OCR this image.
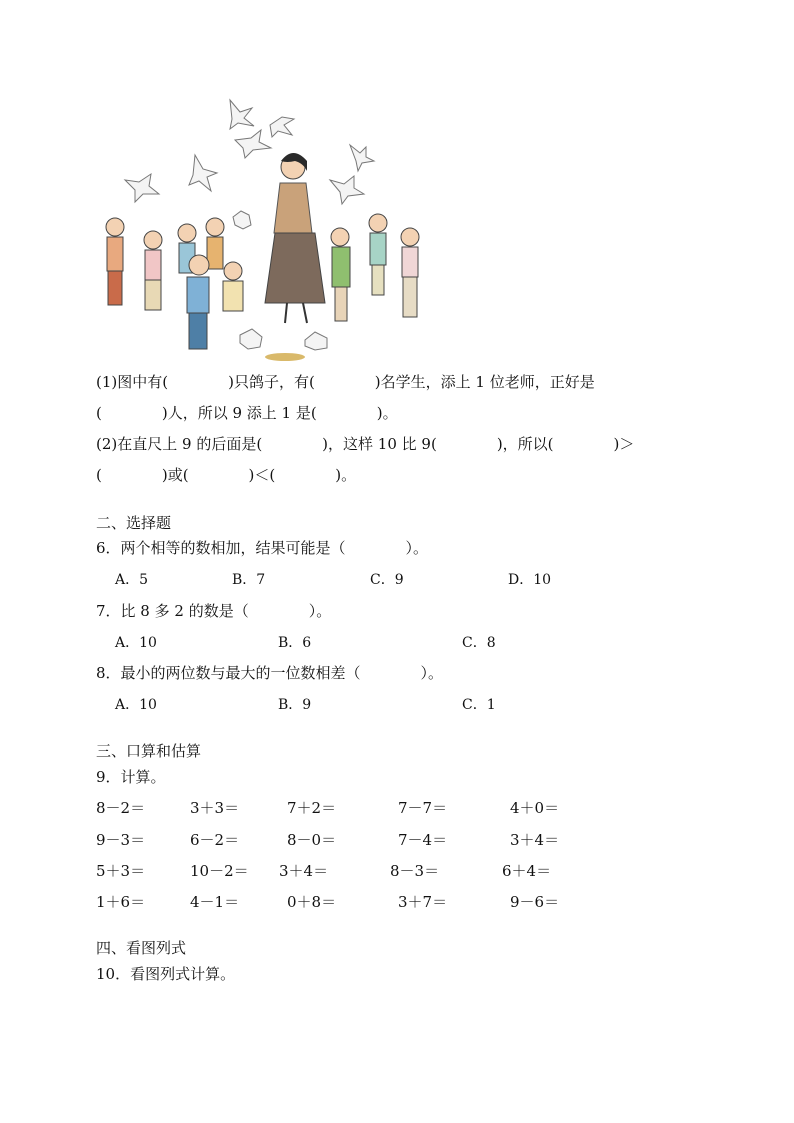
(1)图中有(　　　　)只鸽子，有(　　　　)名学生，添上 1 位老师，正好是
(　　　　)人，所以 9 添上 1 是(　　　　)。
(2)在直尺上 9 的后面是(　　　　)，这样 10 比 9(　　　　)，所以(　　　　)＞
(　　　　)或(　　　　)＜(　　　　)。
二、选择题
6．两个相等的数相加，结果可能是（　　　　）。
A．5	B．7	C．9	D．10
7．比 8 多 2 的数是（　　　　）。
A．10	B．6	C．8
8．最小的两位数与最大的一位数相差（　　　　）。
A．10	B．9	C．1
三、口算和估算
9．计算。
8－2＝	3＋3＝	7＋2＝	7－7＝	4＋0＝
9－3＝	6－2＝	8－0＝	7－4＝	3＋4＝
5＋3＝	10－2＝ 3＋4＝	8－3＝	6＋4＝
1＋6＝	4－1＝	0＋8＝	3＋7＝	9－6＝
四、看图列式
10．看图列式计算。
